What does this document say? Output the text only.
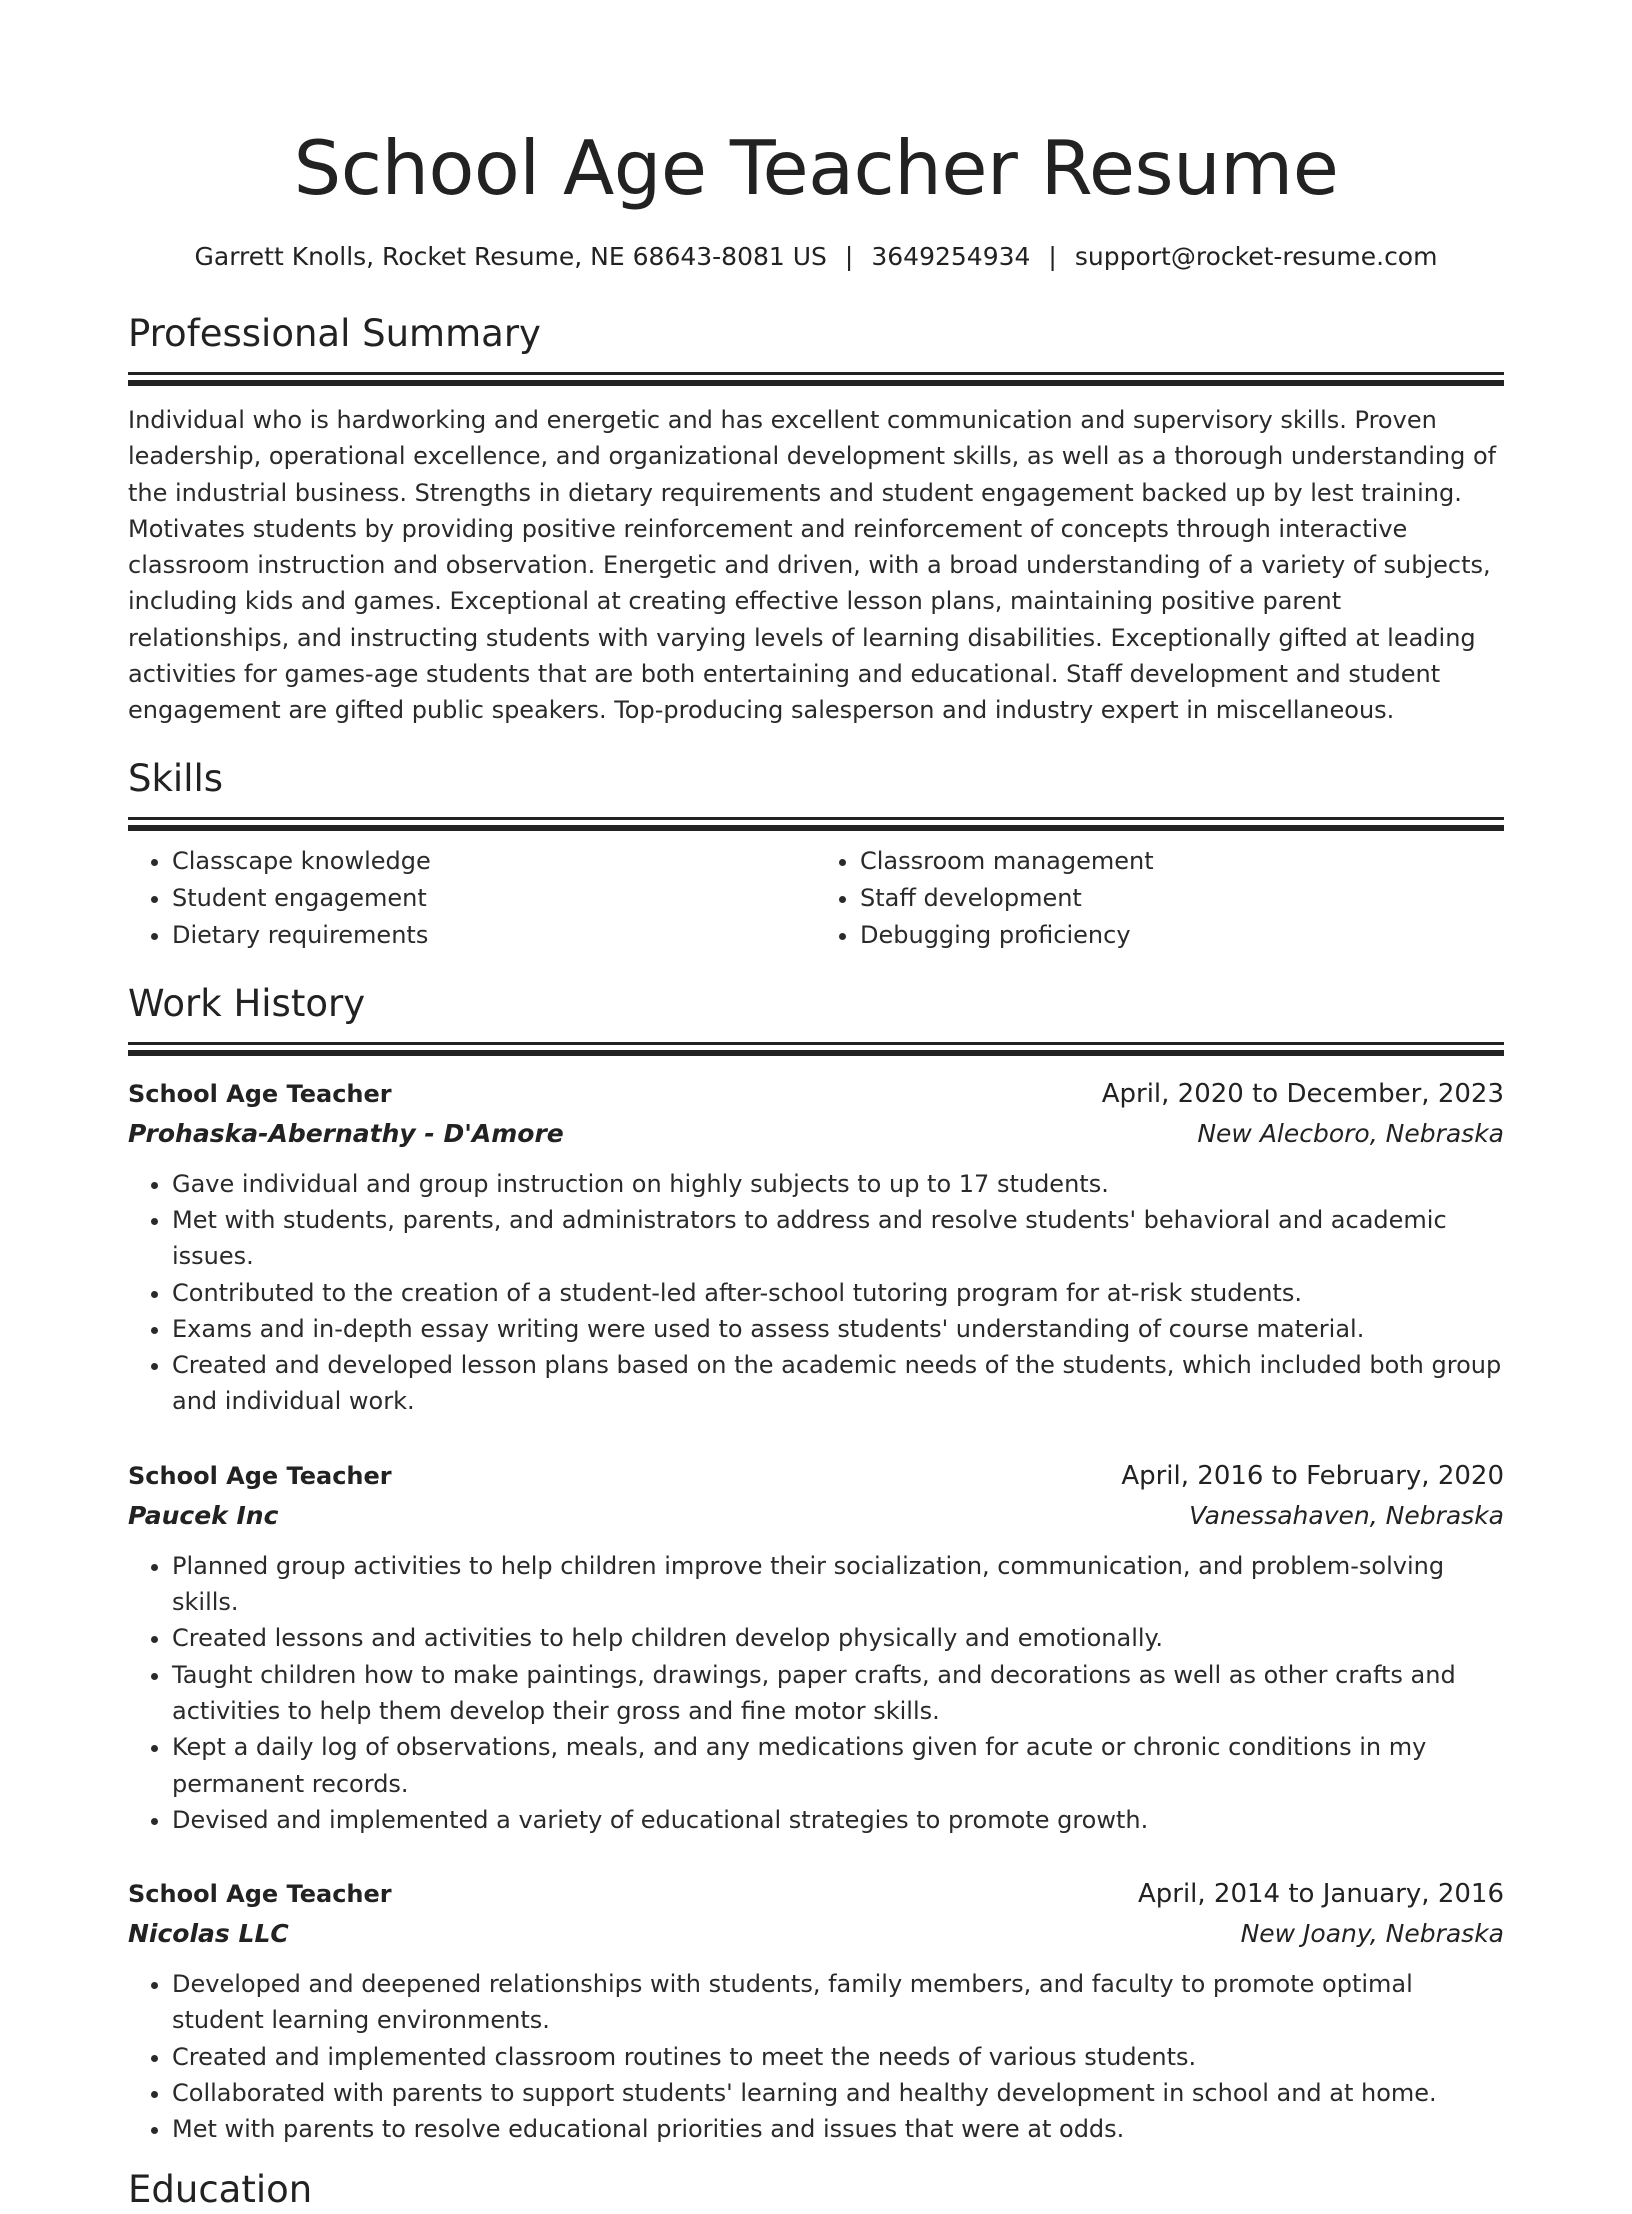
School Age Teacher Resume
Garrett Knolls, Rocket Resume, NE 68643-8081 US | 3649254934 | support@rocket-resume.com
Professional Summary

Individual who is hardworking and energetic and has excellent communication and supervisory skills. Proven leadership, operational excellence, and organizational development skills, as well as a thorough understanding of the industrial business. Strengths in dietary requirements and student engagement backed up by lest training. Motivates students by providing positive reinforcement and reinforcement of concepts through interactive classroom instruction and observation. Energetic and driven, with a broad understanding of a variety of subjects, including kids and games. Exceptional at creating effective lesson plans, maintaining positive parent relationships, and instructing students with varying levels of learning disabilities. Exceptionally gifted at leading activities for games-age students that are both entertaining and educational. Staff development and student engagement are gifted public speakers. Top-producing salesperson and industry expert in miscellaneous.

Skills
• Classcape knowledge
• Student engagement
• Dietary requirements
• Classroom management
• Staff development
• Debugging proficiency
Work History
School Age Teacher	April, 2020 to December, 2023
Prohaska-Abernathy - D'Amore	New Alecboro, Nebraska
• Gave individual and group instruction on highly subjects to up to 17 students.
• Met with students, parents, and administrators to address and resolve students' behavioral and academic issues.
• Contributed to the creation of a student-led after-school tutoring program for at-risk students.
• Exams and in-depth essay writing were used to assess students' understanding of course material.
• Created and developed lesson plans based on the academic needs of the students, which included both group and individual work.
School Age Teacher	April, 2016 to February, 2020
Paucek Inc	Vanessahaven, Nebraska
• Planned group activities to help children improve their socialization, communication, and problem-solving skills.
• Created lessons and activities to help children develop physically and emotionally.
• Taught children how to make paintings, drawings, paper crafts, and decorations as well as other crafts and activities to help them develop their gross and fine motor skills.
• Kept a daily log of observations, meals, and any medications given for acute or chronic conditions in my permanent records.
• Devised and implemented a variety of educational strategies to promote growth.
School Age Teacher	April, 2014 to January, 2016
Nicolas LLC	New Joany, Nebraska
• Developed and deepened relationships with students, family members, and faculty to promote optimal student learning environments.
• Created and implemented classroom routines to meet the needs of various students.
• Collaborated with parents to support students' learning and healthy development in school and at home.
• Met with parents to resolve educational priorities and issues that were at odds.
Education
